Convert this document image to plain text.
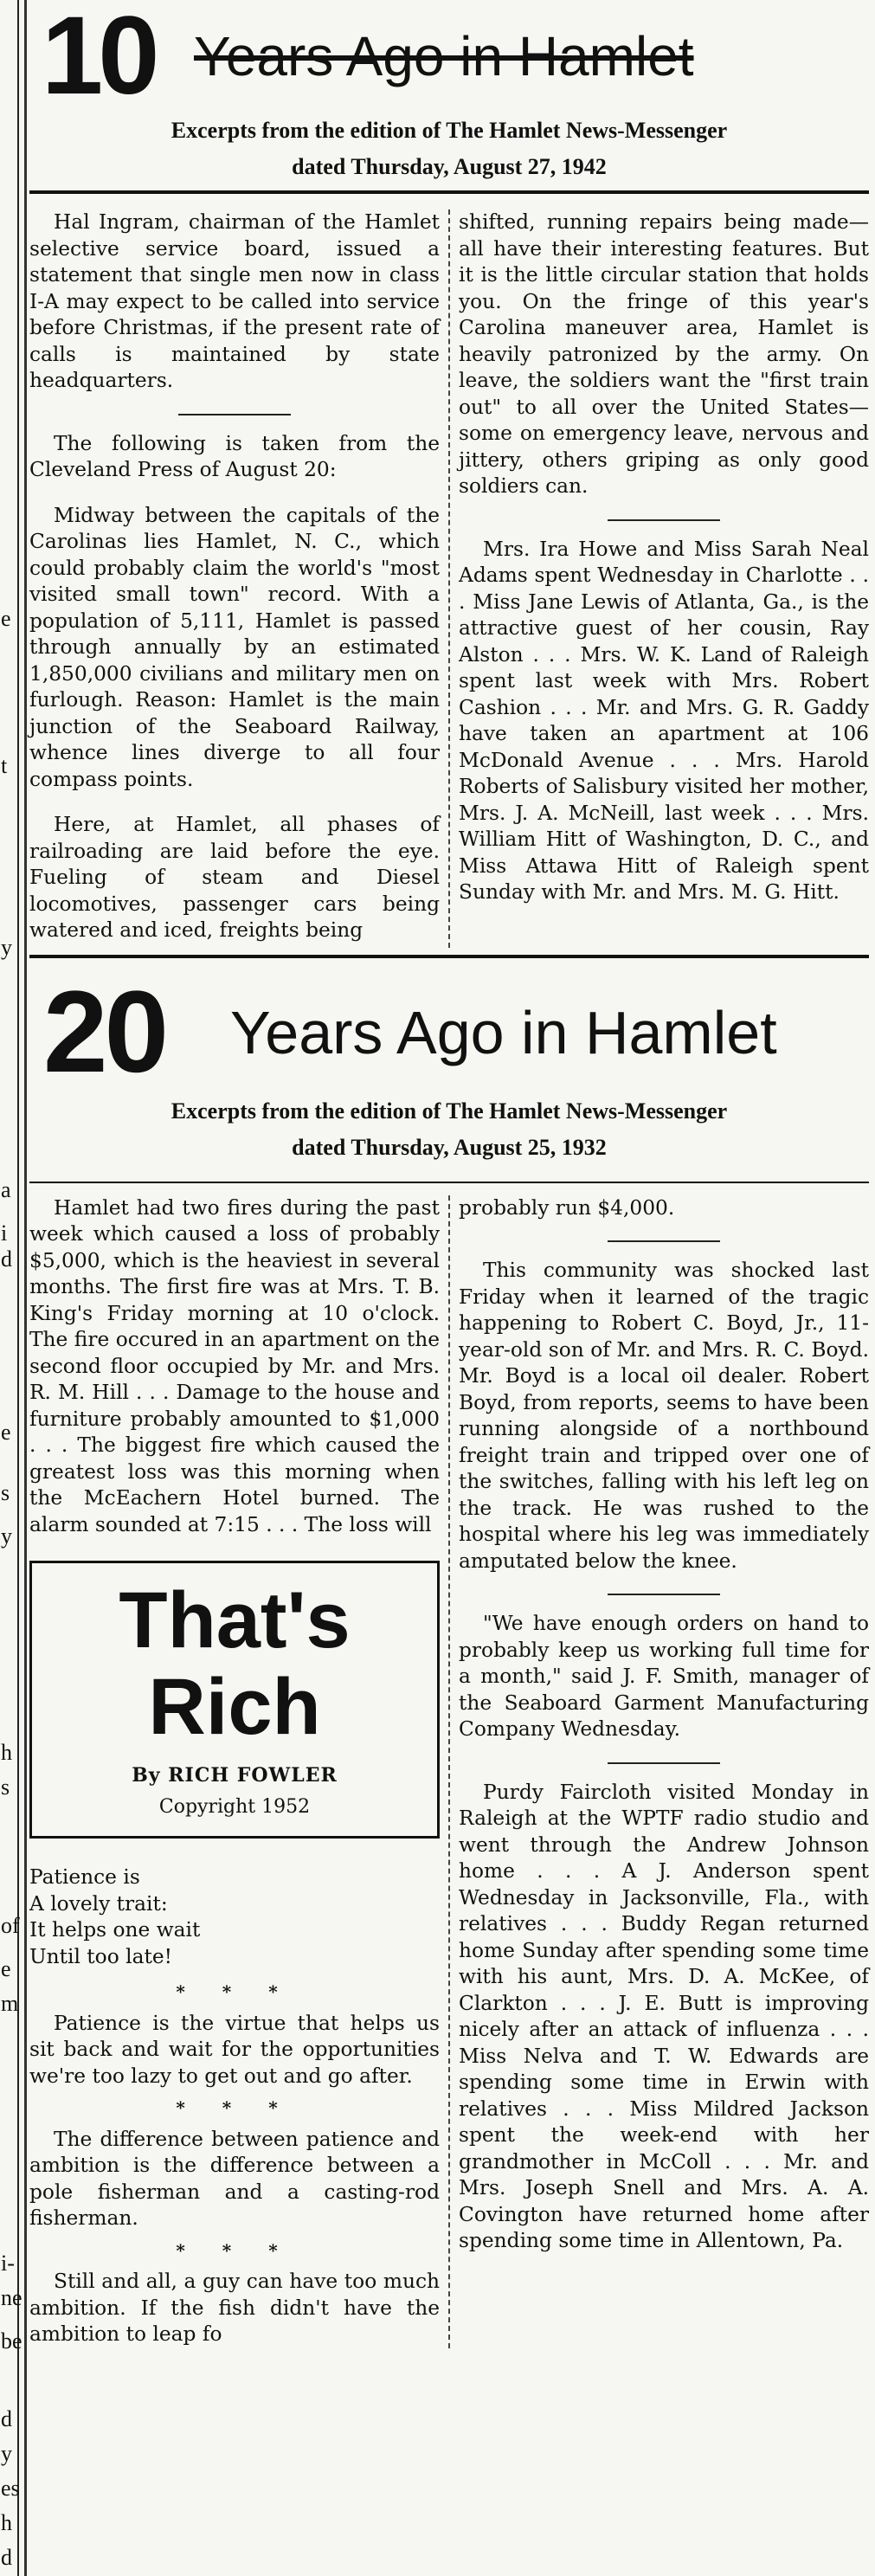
e
t
y
a
i
d
e
s
y
h
s
of
e
m
i-
ne
be
d
y
es
h
d
10 Years Ago in Hamlet
Excerpts from the edition of The Hamlet News-Messenger
dated Thursday, August 27, 1942

Hal Ingram, chairman of the Hamlet selective service board, issued a statement that single men now in class I-A may expect to be called into service before Christmas, if the present rate of calls is maintained by state headquarters.

The following is taken from the Cleveland Press of August 20:

Midway between the capitals of the Carolinas lies Hamlet, N. C., which could probably claim the world's "most visited small town" record. With a population of 5,111, Hamlet is passed through annually by an estimated 1,850,000 civilians and military men on furlough. Reason: Hamlet is the main junction of the Seaboard Railway, whence lines diverge to all four compass points.

Here, at Hamlet, all phases of railroading are laid before the eye. Fueling of steam and Diesel locomotives, passenger cars being watered and iced, freights being

shifted, running repairs being made—all have their interesting features. But it is the little circular station that holds you. On the fringe of this year's Carolina maneuver area, Hamlet is heavily patronized by the army. On leave, the soldiers want the "first train out" to all over the United States—some on emergency leave, nervous and jittery, others griping as only good soldiers can.

Mrs. Ira Howe and Miss Sarah Neal Adams spent Wednesday in Charlotte . . . Miss Jane Lewis of Atlanta, Ga., is the attractive guest of her cousin, Ray Alston . . . Mrs. W. K. Land of Raleigh spent last week with Mrs. Robert Cashion . . . Mr. and Mrs. G. R. Gaddy have taken an apartment at 106 McDonald Avenue . . . Mrs. Harold Roberts of Salisbury visited her mother, Mrs. J. A. McNeill, last week . . . Mrs. William Hitt of Washington, D. C., and Miss Attawa Hitt of Raleigh spent Sunday with Mr. and Mrs. M. G. Hitt.

20 Years Ago in Hamlet
Excerpts from the edition of The Hamlet News-Messenger
dated Thursday, August 25, 1932

Hamlet had two fires during the past week which caused a loss of probably $5,000, which is the heaviest in several months. The first fire was at Mrs. T. B. King's Friday morning at 10 o'clock. The fire occured in an apartment on the second floor occupied by Mr. and Mrs. R. M. Hill . . . Damage to the house and furniture probably amounted to $1,000 . . . The biggest fire which caused the greatest loss was this morning when the McEachern Hotel burned. The alarm sounded at 7:15 . . . The loss will

That's Rich
By RICH FOWLER
Copyright 1952
Patience is
A lovely trait:
It helps one wait
Until too late!
* * *

Patience is the virtue that helps us sit back and wait for the opportunities we're too lazy to get out and go after.

* * *

The difference between patience and ambition is the difference between a pole fisherman and a casting-rod fisherman.

* * *

Still and all, a guy can have too much ambition. If the fish didn't have the ambition to leap fo

probably run $4,000.

This community was shocked last Friday when it learned of the tragic happening to Robert C. Boyd, Jr., 11-year-old son of Mr. and Mrs. R. C. Boyd. Mr. Boyd is a local oil dealer. Robert Boyd, from reports, seems to have been running alongside of a northbound freight train and tripped over one of the switches, falling with his left leg on the track. He was rushed to the hospital where his leg was immediately amputated below the knee.

"We have enough orders on hand to probably keep us working full time for a month," said J. F. Smith, manager of the Seaboard Garment Manufacturing Company Wednesday.

Purdy Faircloth visited Monday in Raleigh at the WPTF radio studio and went through the Andrew Johnson home . . . A J. Anderson spent Wednesday in Jacksonville, Fla., with relatives . . . Buddy Regan returned home Sunday after spending some time with his aunt, Mrs. D. A. McKee, of Clarkton . . . J. E. Butt is improving nicely after an attack of influenza . . . Miss Nelva and T. W. Edwards are spending some time in Erwin with relatives . . . Miss Mildred Jackson spent the week-end with her grandmother in McColl . . . Mr. and Mrs. Joseph Snell and Mrs. A. A. Covington have returned home after spending some time in Allentown, Pa.
